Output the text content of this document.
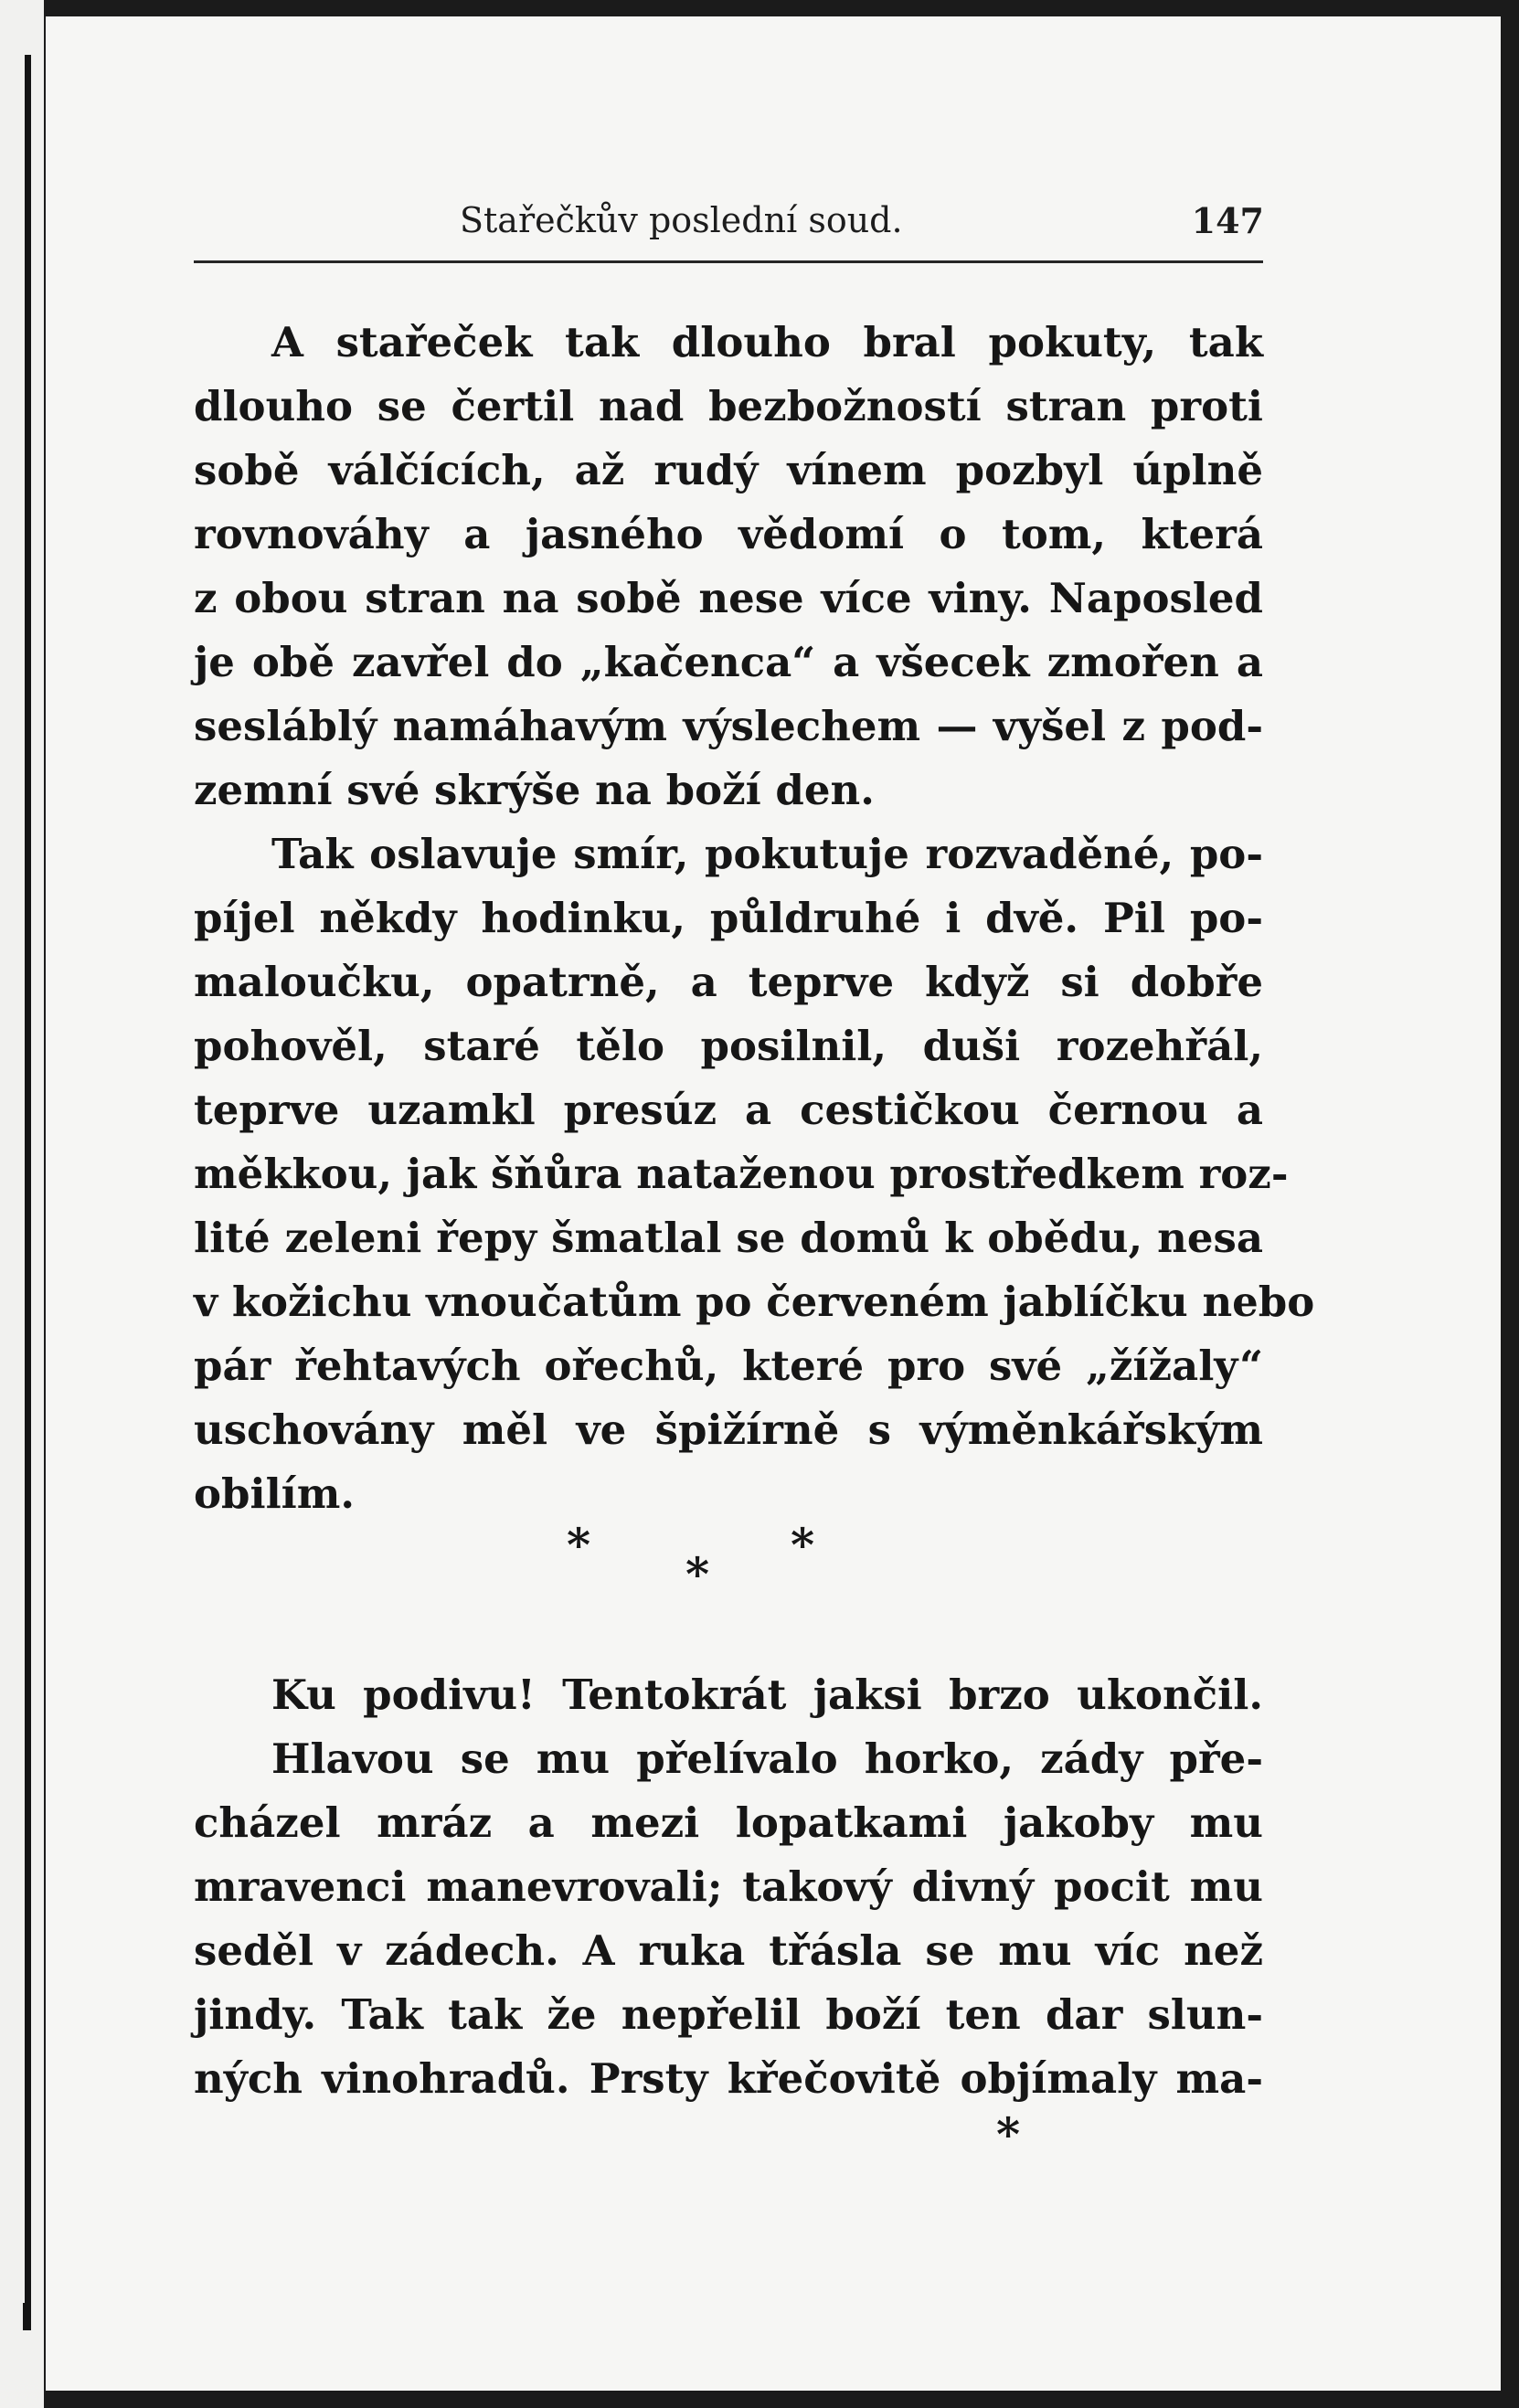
Stařečkův poslední soud.	147
A stařeček tak dlouho bral pokuty, tak
dlouho se čertil nad bezbožností stran proti
sobě válčících, až rudý vínem pozbyl úplně
rovnováhy a jasného vědomí o tom, která
z obou stran na sobě nese více viny. Naposled
je obě zavřel do „kačenca“ a všecek zmořen a
sesláblý namáhavým výslechem — vyšel z pod-
zemní své skrýše na boží den.
Tak oslavuje smír, pokutuje rozvaděné, po-
píjel někdy hodinku, půldruhé i dvě. Pil po-
maloučku, opatrně, a teprve když si dobře
pohověl, staré tělo posilnil, duši rozehřál,
teprve uzamkl presúz a cestičkou černou a
měkkou, jak šňůra nataženou prostředkem roz-
lité zeleni řepy šmatlal se domů k obědu, nesa
v kožichu vnoučatům po červeném jablíčku nebo
pár řehtavých ořechů, které pro své „žížaly“
uschovány měl ve špižírně s výměnkářským
obilím.
Ku podivu! Tentokrát jaksi brzo ukončil.
Hlavou se mu přelívalo horko, zády pře-
cházel mráz a mezi lopatkami jakoby mu
mravenci manevrovali; takový divný pocit mu
seděl v zádech. A ruka třásla se mu víc než
jindy. Tak tak že nepřelil boží ten dar slun-
ných vinohradů. Prsty křečovitě objímaly ma-
*
*
*
*
